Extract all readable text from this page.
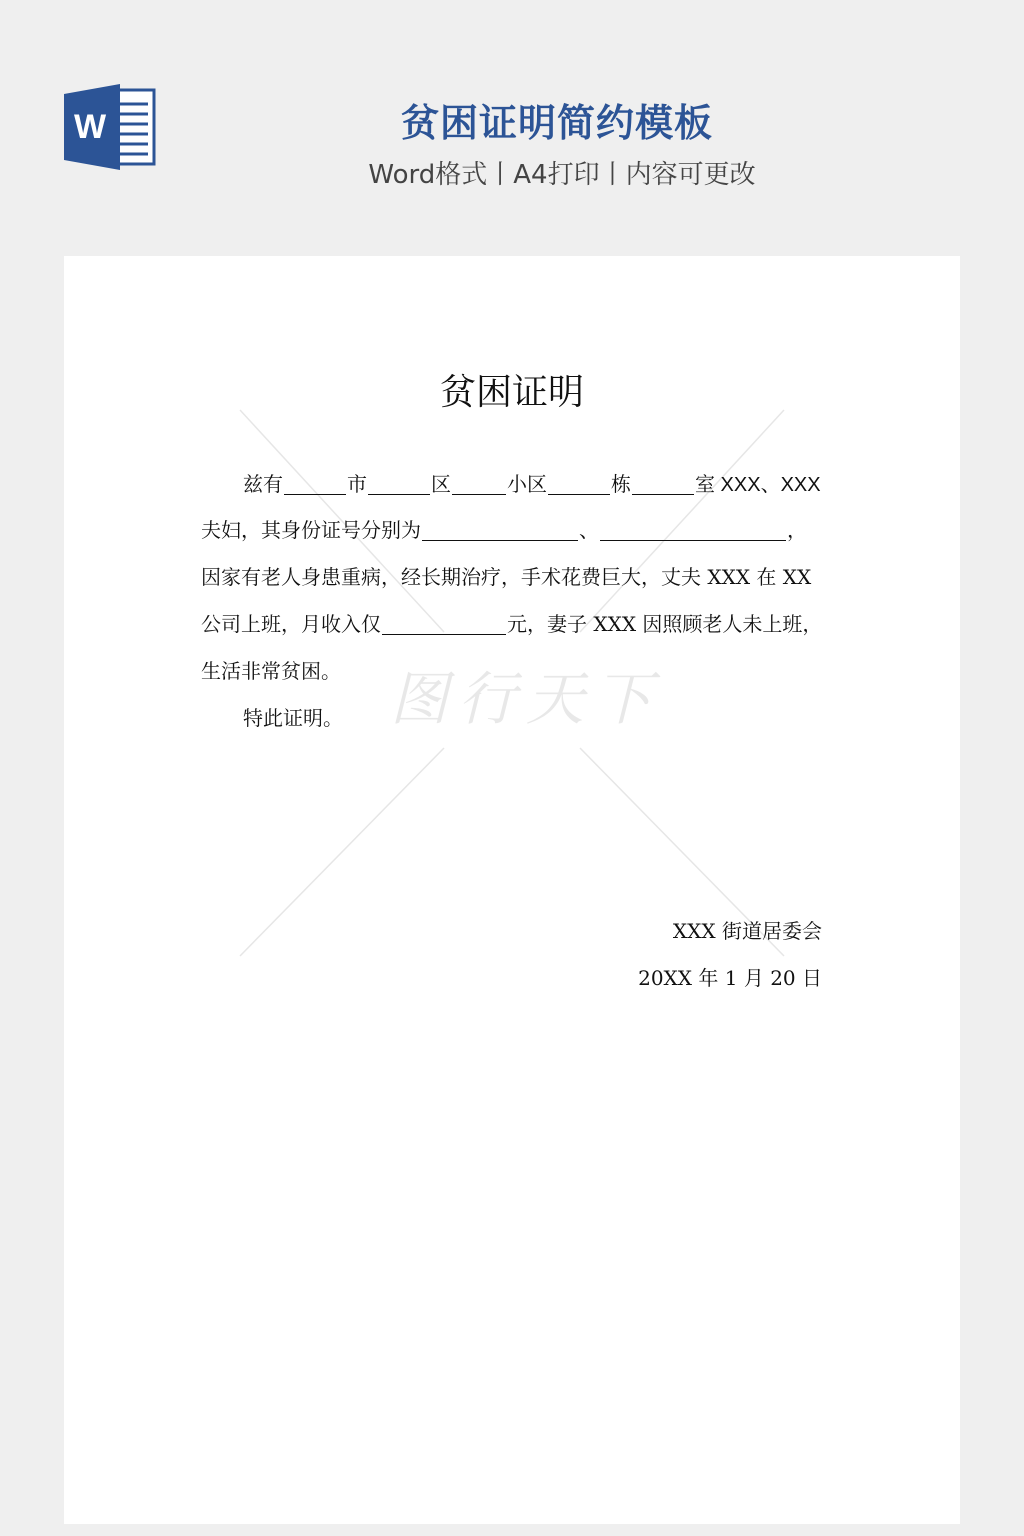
W	贫困证明简约模板
Word格式丨A4打印丨内容可更改
图行天下
贫困证明
兹有	市	区	小区	栋	室 XXX、XXX
夫妇，其身份证号分别为	、	，
因家有老人身患重病，经长期治疗，手术花费巨大，丈夫 XXX 在 XX
公司上班，月收入仅	元，妻子 XXX 因照顾老人未上班，
生活非常贫困。
特此证明。
XXX 街道居委会
20XX 年 1 月 20 日
